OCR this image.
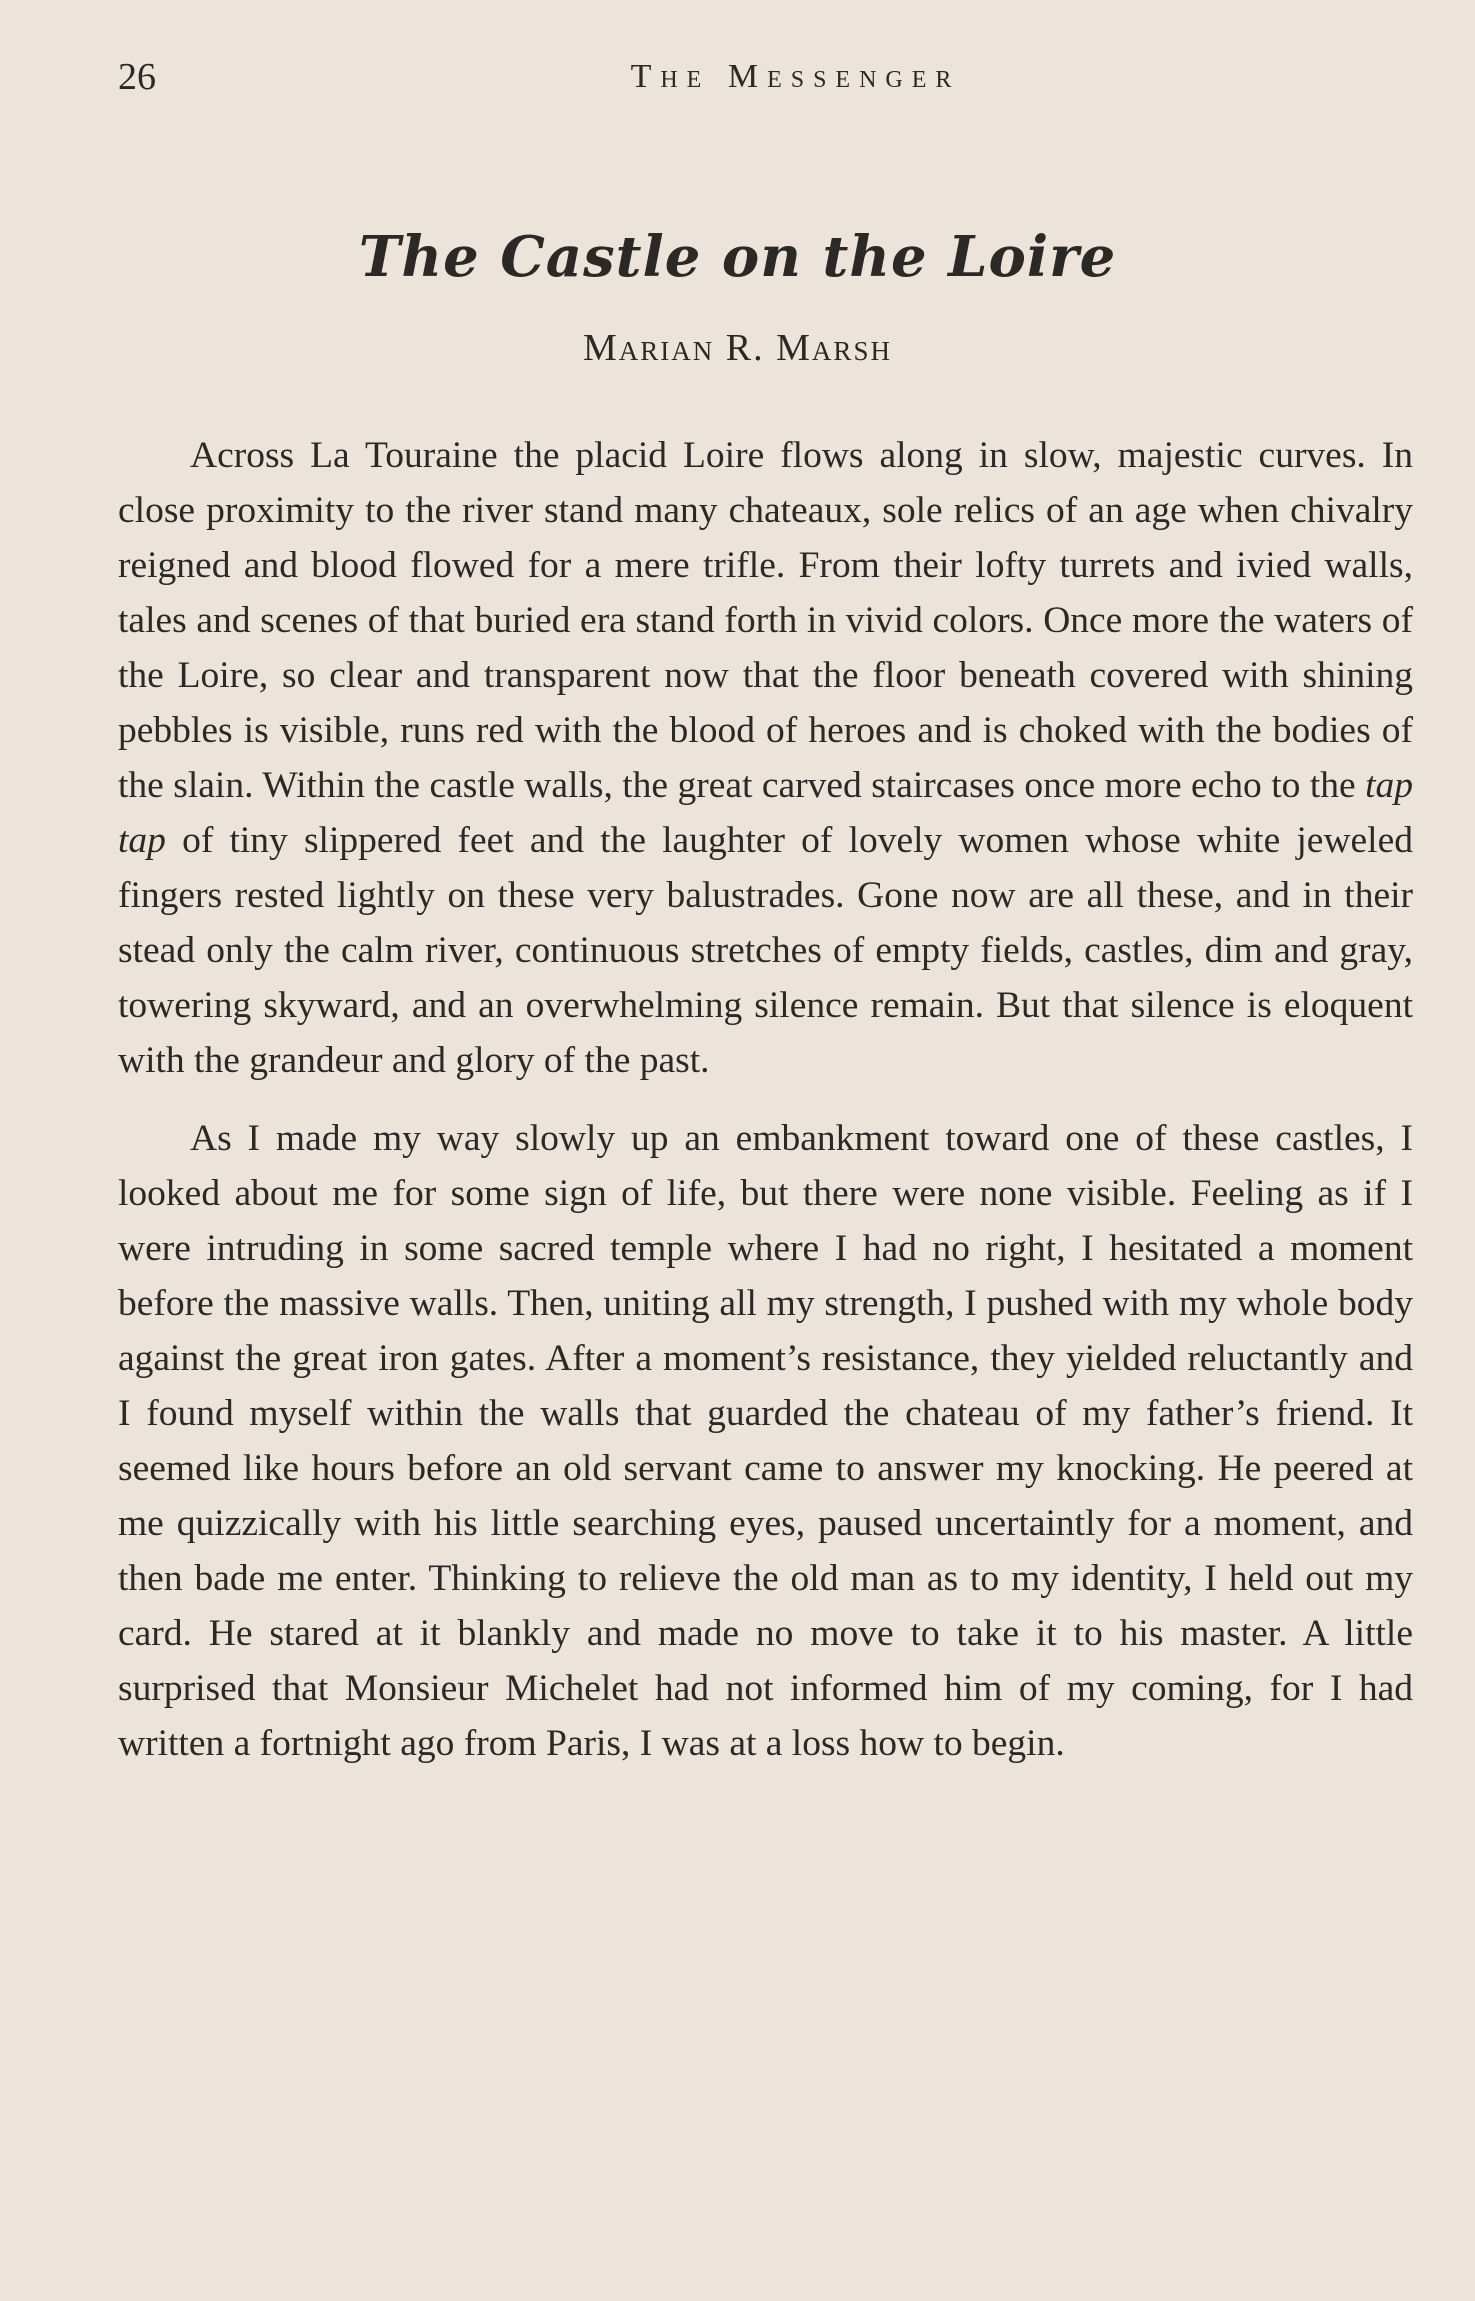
26	The Messenger
The Castle on the Loire
Marian R. Marsh

Across La Touraine the placid Loire flows along in slow, majestic curves. In close proximity to the river stand many chateaux, sole relics of an age when chivalry reigned and blood flowed for a mere trifle. From their lofty turrets and ivied walls, tales and scenes of that buried era stand forth in vivid colors. Once more the waters of the Loire, so clear and transparent now that the floor beneath covered with shining pebbles is visible, runs red with the blood of heroes and is choked with the bodies of the slain. Within the castle walls, the great carved staircases once more echo to the tap tap of tiny slippered feet and the laughter of lovely women whose white jeweled fingers rested lightly on these very balustrades. Gone now are all these, and in their stead only the calm river, continuous stretches of empty fields, castles, dim and gray, towering skyward, and an overwhelming silence remain. But that silence is eloquent with the grandeur and glory of the past.

As I made my way slowly up an embankment toward one of these castles, I looked about me for some sign of life, but there were none visible. Feeling as if I were intruding in some sacred temple where I had no right, I hesitated a moment before the massive walls. Then, uniting all my strength, I pushed with my whole body against the great iron gates. After a moment’s resistance, they yielded reluctantly and I found myself within the walls that guarded the chateau of my father’s friend. It seemed like hours before an old servant came to answer my knocking. He peered at me quizzically with his little searching eyes, paused uncertaintly for a moment, and then bade me enter. Thinking to relieve the old man as to my identity, I held out my card. He stared at it blankly and made no move to take it to his master. A little surprised that Monsieur Michelet had not informed him of my coming, for I had written a fortnight ago from Paris, I was at a loss how to begin.
